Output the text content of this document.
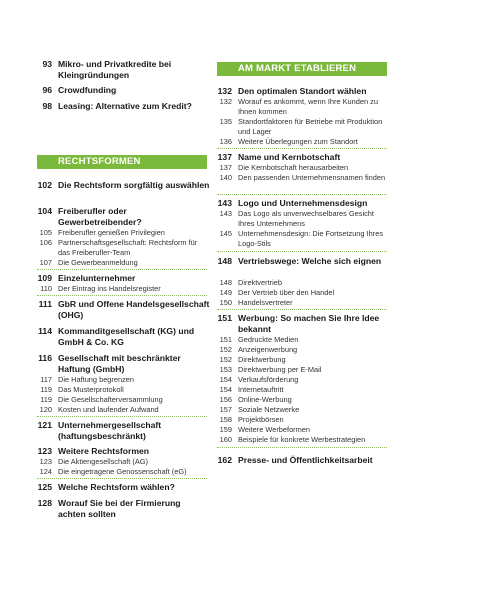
93 Mikro- und Privatkredite bei Kleingründungen
96 Crowdfunding
98 Leasing: Alternative zum Kredit?
RECHTSFORMEN
102 Die Rechtsform sorgfältig auswählen
104 Freiberufler oder Gewerbetreibender?
105 Freiberufler genießen Privilegien
106 Partnerschaftsgesellschaft: Rechtsform für das Freiberufler-Team
107 Die Gewerbeanmeldung
109 Einzelunternehmer
110 Der Eintrag ins Handelsregister
111 GbR und Offene Handelsgesellschaft (OHG)
114 Kommanditgesellschaft (KG) und GmbH & Co. KG
116 Gesellschaft mit beschränkter Haftung (GmbH)
117 Die Haftung begrenzen
119 Das Musterprotokoll
119 Die Gesellschafterversammlung
120 Kosten und laufender Aufwand
121 Unternehmergesellschaft (haftungsbeschränkt)
123 Weitere Rechtsformen
123 Die Aktiengesellschaft (AG)
124 Die eingetragene Genossenschaft (eG)
125 Welche Rechtsform wählen?
128 Worauf Sie bei der Firmierung achten sollten
AM MARKT ETABLIEREN
132 Den optimalen Standort wählen
132 Worauf es ankommt, wenn Ihre Kunden zu Ihnen kommen
135 Standortfaktoren für Betriebe mit Produktion und Lager
136 Weitere Überlegungen zum Standort
137 Name und Kernbotschaft
137 Die Kernbotschaft herausarbeiten
140 Den passenden Unternehmensnamen finden
143 Logo und Unternehmensdesign
143 Das Logo als unverwechselbares Gesicht Ihres Unternehmens
145 Unternehmensdesign: Die Fortsetzung Ihres Logo-Stils
148 Vertriebswege: Welche sich eignen
148 Direktvertrieb
149 Der Vertrieb über den Handel
150 Handelsvertreter
151 Werbung: So machen Sie Ihre Idee bekannt
151 Gedruckte Medien
152 Anzeigenwerbung
152 Direktwerbung
153 Direktwerbung per E-Mail
154 Verkaufsförderung
154 Internetauftritt
156 Online-Werbung
157 Soziale Netzwerke
158 Projektbörsen
159 Weitere Werbeformen
160 Beispiele für konkrete Werbestrategien
162 Presse- und Öffentlichkeitsarbeit
